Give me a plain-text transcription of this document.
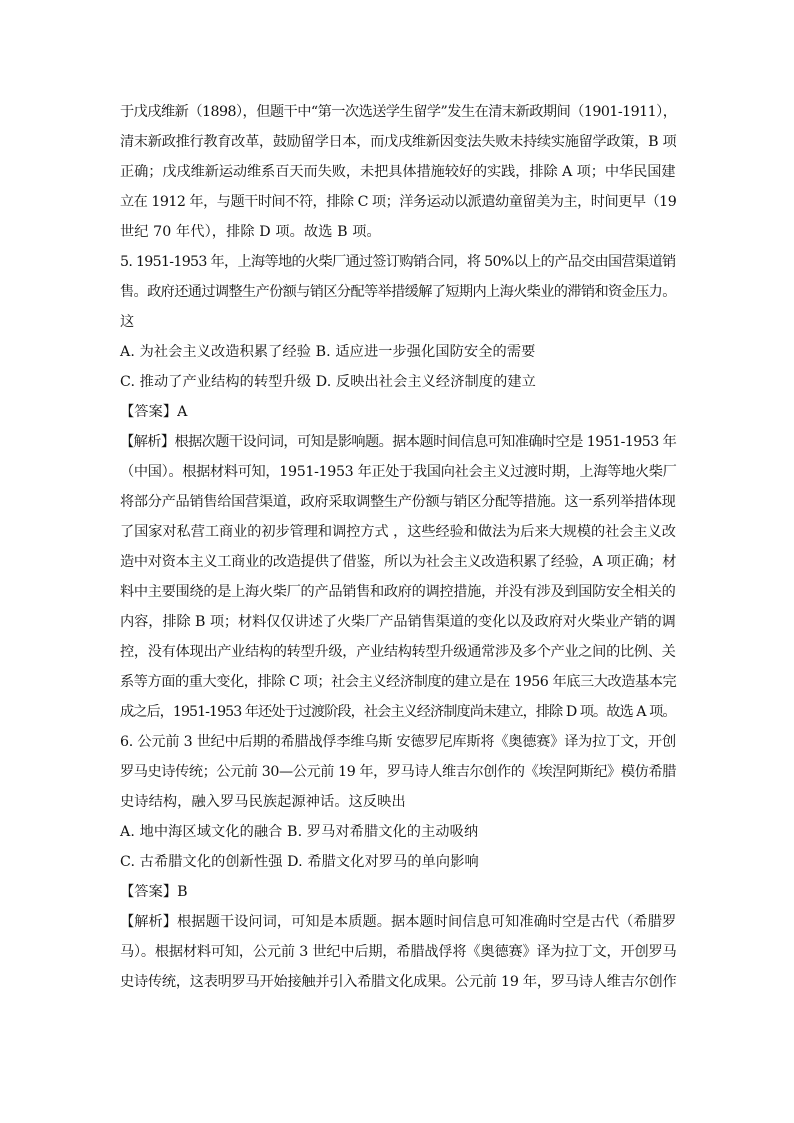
于戊戌维新（1898），但题干中“第一次选送学生留学”发生在清末新政期间（1901-1911），
清末新政推行教育改革，鼓励留学日本，而戊戌维新因变法失败未持续实施留学政策，B 项
正确；戊戌维新运动维系百天而失败，未把具体措施较好的实践，排除 A 项；中华民国建
立在 1912 年，与题干时间不符，排除 C 项；洋务运动以派遣幼童留美为主，时间更早（19
世纪 70 年代），排除 D 项。故选 B 项。
5. 1951-1953 年，上海等地的火柴厂通过签订购销合同，将 50%以上的产品交由国营渠道销
售。政府还通过调整生产份额与销区分配等举措缓解了短期内上海火柴业的滞销和资金压力。
这
A. 为社会主义改造积累了经验 B. 适应进一步强化国防安全的需要
C. 推动了产业结构的转型升级 D. 反映出社会主义经济制度的建立
【答案】A
【解析】根据次题干设问词，可知是影响题。据本题时间信息可知准确时空是 1951-1953 年
（中国）。根据材料可知，1951-1953 年正处于我国向社会主义过渡时期，上海等地火柴厂
将部分产品销售给国营渠道，政府采取调整生产份额与销区分配等措施。这一系列举措体现
了国家对私营工商业的初步管理和调控方式 ，这些经验和做法为后来大规模的社会主义改
造中对资本主义工商业的改造提供了借鉴，所以为社会主义改造积累了经验，A 项正确；材
料中主要围绕的是上海火柴厂的产品销售和政府的调控措施，并没有涉及到国防安全相关的
内容，排除 B 项；材料仅仅讲述了火柴厂产品销售渠道的变化以及政府对火柴业产销的调
控，没有体现出产业结构的转型升级，产业结构转型升级通常涉及多个产业之间的比例、关
系等方面的重大变化，排除 C 项；社会主义经济制度的建立是在 1956 年底三大改造基本完
成之后，1951-1953 年还处于过渡阶段，社会主义经济制度尚未建立，排除 D 项。故选 A 项。
6. 公元前 3 世纪中后期的希腊战俘李维乌斯 安德罗尼库斯将《奥德赛》译为拉丁文，开创
罗马史诗传统；公元前 30—公元前 19 年，罗马诗人维吉尔创作的《埃涅阿斯纪》模仿希腊
史诗结构，融入罗马民族起源神话。这反映出
A. 地中海区域文化的融合 B. 罗马对希腊文化的主动吸纳
C. 古希腊文化的创新性强 D. 希腊文化对罗马的单向影响
【答案】B
【解析】根据题干设问词，可知是本质题。据本题时间信息可知准确时空是古代（希腊罗
马）。根据材料可知，公元前 3 世纪中后期，希腊战俘将《奥德赛》译为拉丁文，开创罗马
史诗传统，这表明罗马开始接触并引入希腊文化成果。公元前 19 年，罗马诗人维吉尔创作
